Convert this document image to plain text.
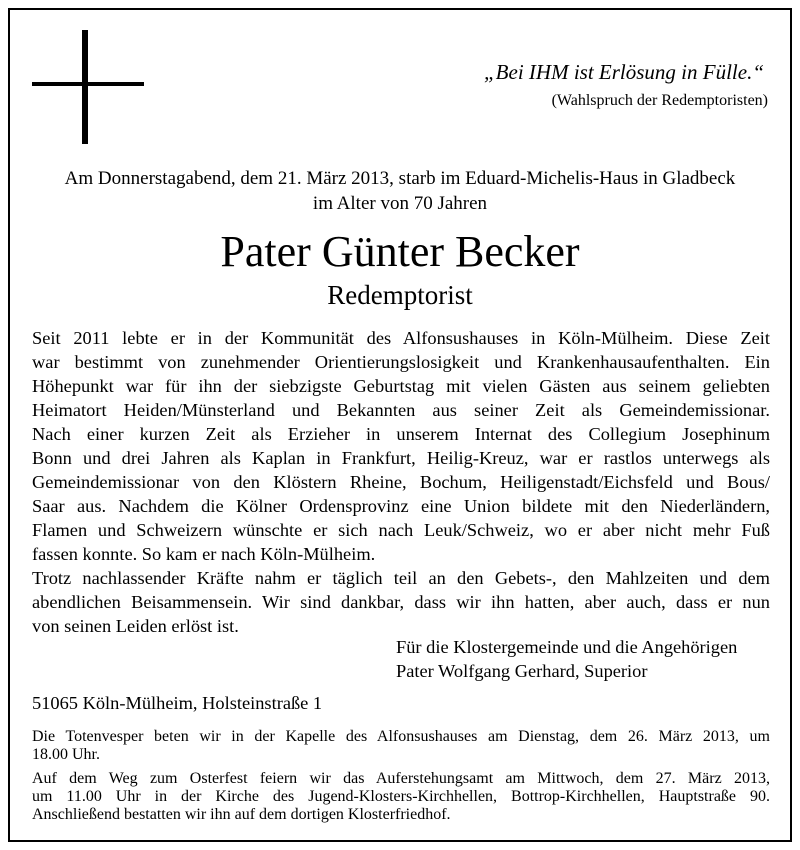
„Bei IHM ist Erlösung in Fülle.“
(Wahlspruch der Redemptoristen)
Am Donnerstagabend, dem 21. März 2013, starb im Eduard-Michelis-Haus in Gladbeck
im Alter von 70 Jahren
Pater Günter Becker
Redemptorist
Seit 2011 lebte er in der Kommunität des Alfonsushauses in Köln-Mülheim. Diese Zeit
war bestimmt von zunehmender Orientierungslosigkeit und Krankenhausaufenthalten. Ein
Höhepunkt war für ihn der siebzigste Geburtstag mit vielen Gästen aus seinem geliebten
Heimatort Heiden/Münsterland und Bekannten aus seiner Zeit als Gemeindemissionar.
Nach einer kurzen Zeit als Erzieher in unserem Internat des Collegium Josephinum
Bonn und drei Jahren als Kaplan in Frankfurt, Heilig-Kreuz, war er rastlos unterwegs als
Gemeindemissionar von den Klöstern Rheine, Bochum, Heiligenstadt/Eichsfeld und Bous/
Saar aus. Nachdem die Kölner Ordensprovinz eine Union bildete mit den Niederländern,
Flamen und Schweizern wünschte er sich nach Leuk/Schweiz, wo er aber nicht mehr Fuß
fassen konnte. So kam er nach Köln-Mülheim.
Trotz nachlassender Kräfte nahm er täglich teil an den Gebets-, den Mahlzeiten und dem
abendlichen Beisammensein. Wir sind dankbar, dass wir ihn hatten, aber auch, dass er nun
von seinen Leiden erlöst ist.
Für die Klostergemeinde und die Angehörigen
Pater Wolfgang Gerhard, Superior
51065 Köln-Mülheim, Holsteinstraße 1
Die Totenvesper beten wir in der Kapelle des Alfonsushauses am Dienstag, dem 26. März 2013, um
18.00 Uhr.
Auf dem Weg zum Osterfest feiern wir das Auferstehungsamt am Mittwoch, dem 27. März 2013,
um 11.00 Uhr in der Kirche des Jugend-Klosters-Kirchhellen, Bottrop-Kirchhellen, Hauptstraße 90.
Anschließend bestatten wir ihn auf dem dortigen Klosterfriedhof.
